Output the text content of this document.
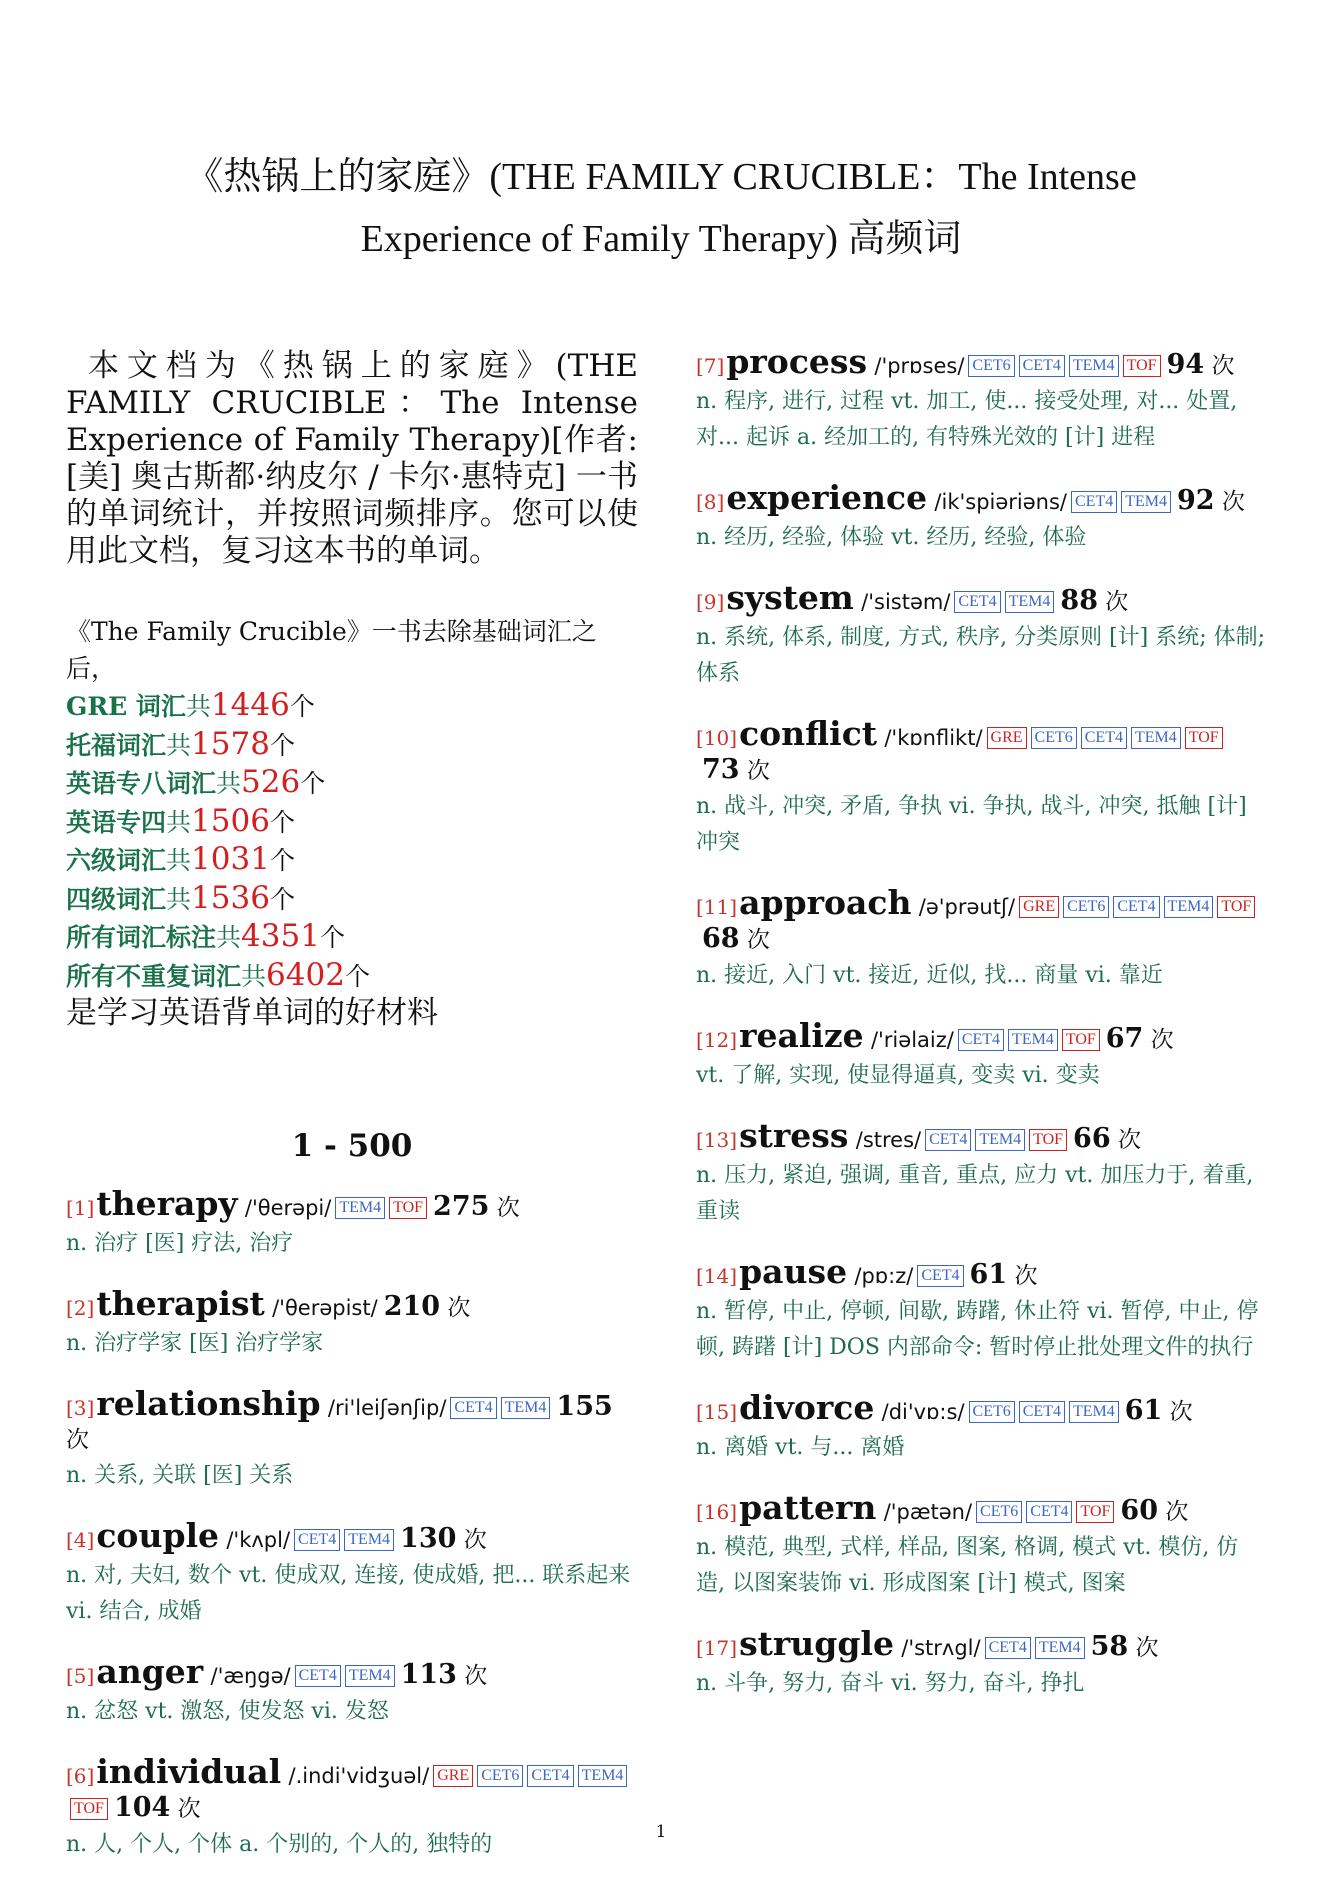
《热锅上的家庭》(THE FAMILY CRUCIBLE：The Intense
Experience of Family Therapy) 高频词

本文档为《热锅上的家庭》(THE FAMILY CRUCIBLE：The Intense Experience of Family Therapy)[作者: [美] 奥古斯都·纳皮尔 / 卡尔·惠特克] 一书的单词统计，并按照词频排序。您可以使用此文档，复习这本书的单词。

《The Family Crucible》一书去除基础词汇之后，
GRE 词汇共1446个
托福词汇共1578个
英语专八词汇共526个
英语专四共1506个
六级词汇共1031个
四级词汇共1536个
所有词汇标注共4351个
所有不重复词汇共6402个
是学习英语背单词的好材料
1 - 500
[1]therapy /'θerəpi/ TEM4 TOF 275 次
n. 治疗 [医] 疗法, 治疗
[2]therapist /'θerəpist/ 210 次
n. 治疗学家 [医] 治疗学家
[3]relationship /ri'leiʃənʃip/ CET4 TEM4 155 次
n. 关系, 关联 [医] 关系
[4]couple /'kʌpl/ CET4 TEM4 130 次
n. 对, 夫妇, 数个 vt. 使成双, 连接, 使成婚, 把... 联系起来 vi. 结合, 成婚
[5]anger /'æŋgə/ CET4 TEM4 113 次
n. 忿怒 vt. 激怒, 使发怒 vi. 发怒
[6]individual /.indi'vidʒuəl/ GRE CET6 CET4 TEM4TOF 104 次
n. 人, 个人, 个体 a. 个别的, 个人的, 独特的
[7]process /'prɒses/ CET6 CET4 TEM4 TOF 94 次
n. 程序, 进行, 过程 vt. 加工, 使... 接受处理, 对... 处置, 对... 起诉 a. 经加工的, 有特殊光效的 [计] 进程
[8]experience /ik'spiəriəns/ CET4 TEM4 92 次
n. 经历, 经验, 体验 vt. 经历, 经验, 体验
[9]system /'sistəm/ CET4 TEM4 88 次
n. 系统, 体系, 制度, 方式, 秩序, 分类原则 [计] 系统; 体制; 体系
[10]conflict /'kɒnflikt/ GRE CET6 CET4 TEM4 TOF73 次
n. 战斗, 冲突, 矛盾, 争执 vi. 争执, 战斗, 冲突, 抵触 [计] 冲突
[11]approach /ə'prəutʃ/ GRE CET6 CET4 TEM4 TOF68 次
n. 接近, 入门 vt. 接近, 近似, 找... 商量 vi. 靠近
[12]realize /'riəlaiz/ CET4 TEM4 TOF 67 次
vt. 了解, 实现, 使显得逼真, 变卖 vi. 变卖
[13]stress /stres/ CET4 TEM4 TOF 66 次
n. 压力, 紧迫, 强调, 重音, 重点, 应力 vt. 加压力于, 着重, 重读
[14]pause /pɒ:z/ CET4 61 次
n. 暂停, 中止, 停顿, 间歇, 踌躇, 休止符 vi. 暂停, 中止, 停顿, 踌躇 [计] DOS 内部命令: 暂时停止批处理文件的执行
[15]divorce /di'vɒ:s/ CET6 CET4 TEM4 61 次
n. 离婚 vt. 与... 离婚
[16]pattern /'pætən/ CET6 CET4 TOF 60 次
n. 模范, 典型, 式样, 样品, 图案, 格调, 模式 vt. 模仿, 仿造, 以图案装饰 vi. 形成图案 [计] 模式, 图案
[17]struggle /'strʌgl/ CET4 TEM4 58 次
n. 斗争, 努力, 奋斗 vi. 努力, 奋斗, 挣扎
1
